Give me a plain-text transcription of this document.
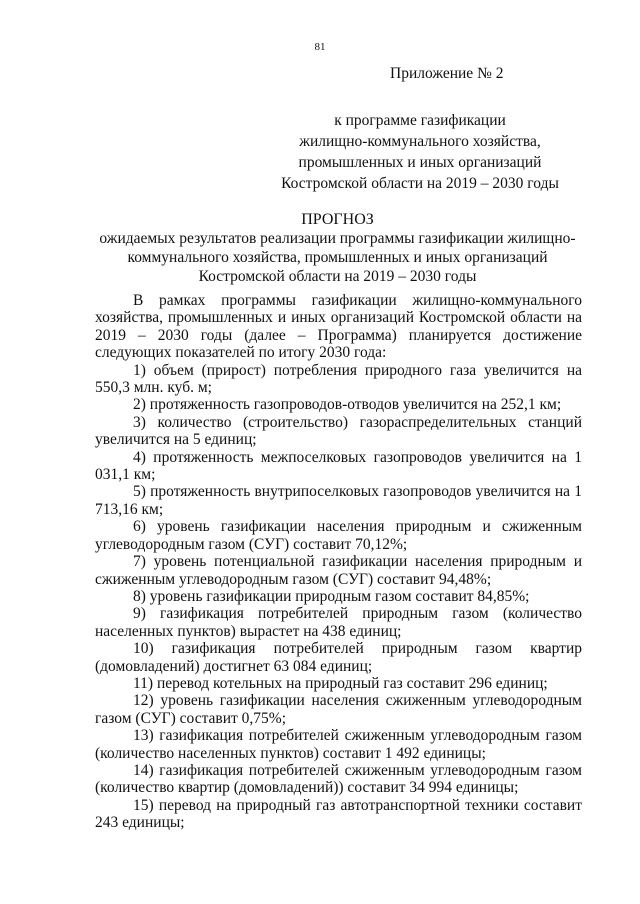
81
Приложение № 2
к программе газификации
жилищно-коммунального хозяйства,
промышленных и иных организаций
Костромской области на 2019 – 2030 годы
ПРОГНОЗ
ожидаемых результатов реализации программы газификации жилищно-
коммунального хозяйства, промышленных и иных организаций
Костромской области на 2019 – 2030 годы

В рамках программы газификации жилищно-коммунального хозяйства, промышленных и иных организаций Костромской области на 2019 – 2030 годы (далее – Программа) планируется достижение следующих показателей по итогу 2030 года:

1) объем (прирост) потребления природного газа увеличится на 550,3 млн. куб. м;

2) протяженность газопроводов-отводов увеличится на 252,1 км;

3) количество (строительство) газораспределительных станций увеличится на 5 единиц;

4) протяженность межпоселковых газопроводов увеличится на 1 031,1 км;

5) протяженность внутрипоселковых газопроводов увеличится на 1 713,16 км;

6) уровень газификации населения природным и сжиженным углеводородным газом (СУГ) составит 70,12%;

7) уровень потенциальной газификации населения природным и сжиженным углеводородным газом (СУГ) составит 94,48%;

8) уровень газификации природным газом составит 84,85%;

9) газификация потребителей природным газом (количество населенных пунктов) вырастет на 438 единиц;

10) газификация потребителей природным газом квартир (домовладений) достигнет 63 084 единиц;

11) перевод котельных на природный газ составит 296 единиц;

12) уровень газификации населения сжиженным углеводородным газом (СУГ) составит 0,75%;

13) газификация потребителей сжиженным углеводородным газом (количество населенных пунктов) составит 1 492 единицы;

14) газификация потребителей сжиженным углеводородным газом (количество квартир (домовладений)) составит 34 994 единицы;

15) перевод на природный газ автотранспортной техники составит 243 единицы;
